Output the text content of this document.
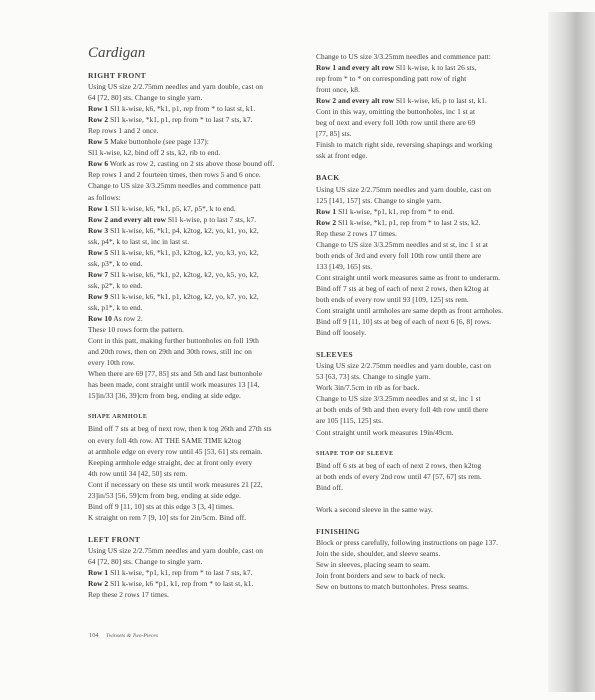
Cardigan
RIGHT FRONT
Using US size 2/2.75mm needles and yarn double, cast on
64 [72, 80] sts. Change to single yarn.
Row 1 Sl1 k-wise, k6, *k1, p1, rep from * to last st, k1.
Row 2 Sl1 k-wise, *k1, p1, rep from * to last 7 sts, k7.
Rep rows 1 and 2 once.
Row 5 Make buttonhole (see page 137):
Sl1 k-wise, k2, bind off 2 sts, k2, rib to end.
Row 6 Work as row 2, casting on 2 sts above those bound off.
Rep rows 1 and 2 fourteen times, then rows 5 and 6 once.
Change to US size 3/3.25mm needles and commence patt
as follows:
Row 1 Sl1 k-wise, k6, *k1, p5, k7, p5*, k to end.
Row 2 and every alt row Sl1 k-wise, p to last 7 sts, k7.
Row 3 Sl1 k-wise, k6, *k1, p4, k2tog, k2, yo, k1, yo, k2,
ssk, p4*, k to last st, inc in last st.
Row 5 Sl1 k-wise, k6, *k1, p3, k2tog, k2, yo, k3, yo, k2,
ssk, p3*, k to end.
Row 7 Sl1 k-wise, k6, *k1, p2, k2tog, k2, yo, k5, yo, k2,
ssk, p2*, k to end.
Row 9 Sl1 k-wise, k6, *k1, p1, k2tog, k2, yo, k7, yo, k2,
ssk, p1*, k to end.
Row 10 As row 2.
These 10 rows form the pattern.
Cont in this patt, making further buttonholes on foll 19th
and 20th rows, then on 29th and 30th rows, still inc on
every 10th row.
When there are 69 [77, 85] sts and 5th and last buttonhole
has been made, cont straight until work measures 13 [14,
15]in/33 [36, 39]cm from beg, ending at side edge.
SHAPE ARMHOLE
Bind off 7 sts at beg of next row, then k tog 26th and 27th sts
on every foll 4th row. AT THE SAME TIME k2tog
at armhole edge on every row until 45 [53, 61] sts remain.
Keeping armhole edge straight, dec at front only every
4th row until 34 [42, 50] sts rem.
Cont if necessary on these sts until work measures 21 [22,
23]in/53 [56, 59]cm from beg, ending at side edge.
Bind off 9 [11, 10] sts at this edge 3 [3, 4] times.
K straight on rem 7 [9, 10] sts for 2in/5cm. Bind off.
LEFT FRONT
Using US size 2/2.75mm needles and yarn double, cast on
64 [72, 80] sts. Change to single yarn.
Row 1 Sl1 k-wise, *p1, k1, rep from * to last 7 sts, k7.
Row 2 Sl1 k-wise, k6 *p1, k1, rep from * to last st, k1.
Rep these 2 rows 17 times.
Change to US size 3/3.25mm needles and commence patt:
Row 1 and every alt row Sl1 k-wise, k to last 26 sts,
rep from * to * on corresponding patt row of right
front once, k8.
Row 2 and every alt row Sl1 k-wise, k6, p to last st, k1.
Cont in this way, omitting the buttonholes, inc 1 st at
beg of next and every foll 10th row until there are 69
[77, 85] sts.
Finish to match right side, reversing shapings and working
ssk at front edge.
BACK
Using US size 2/2.75mm needles and yarn double, cast on
125 [141, 157] sts. Change to single yarn.
Row 1 Sl1 k-wise, *p1, k1, rep from * to end.
Row 2 Sl1 k-wise, *k1, p1, rep from * to last 2 sts, k2.
Rep these 2 rows 17 times.
Change to US size 3/3.25mm needles and st st, inc 1 st at
both ends of 3rd and every foll 10th row until there are
133 [149, 165] sts.
Cont straight until work measures same as front to underarm.
Bind off 7 sts at beg of each of next 2 rows, then k2tog at
both ends of every row until 93 [109, 125] sts rem.
Cont straight until armholes are same depth as front armholes.
Bind off 9 [11, 10] sts at beg of each of next 6 [6, 8] rows.
Bind off loosely.
SLEEVES
Using US size 2/2.75mm needles and yarn double, cast on
53 [63, 73] sts. Change to single yarn.
Work 3in/7.5cm in rib as for back.
Change to US size 3/3.25mm needles and st st, inc 1 st
at both ends of 9th and then every foll 4th row until there
are 105 [115, 125] sts.
Cont straight until work measures 19in/49cm.
SHAPE TOP OF SLEEVE
Bind off 6 sts at beg of each of next 2 rows, then k2tog
at both ends of every 2nd row until 47 [57, 67] sts rem.
Bind off.
Work a second sleeve in the same way.
FINISHING
Block or press carefully, following instructions on page 137.
Join the side, shoulder, and sleeve seams.
Sew in sleeves, placing seam to seam.
Join front borders and sew to back of neck.
Sew on buttons to match buttonholes. Press seams.
104 Twinsets & Two-Pieces
